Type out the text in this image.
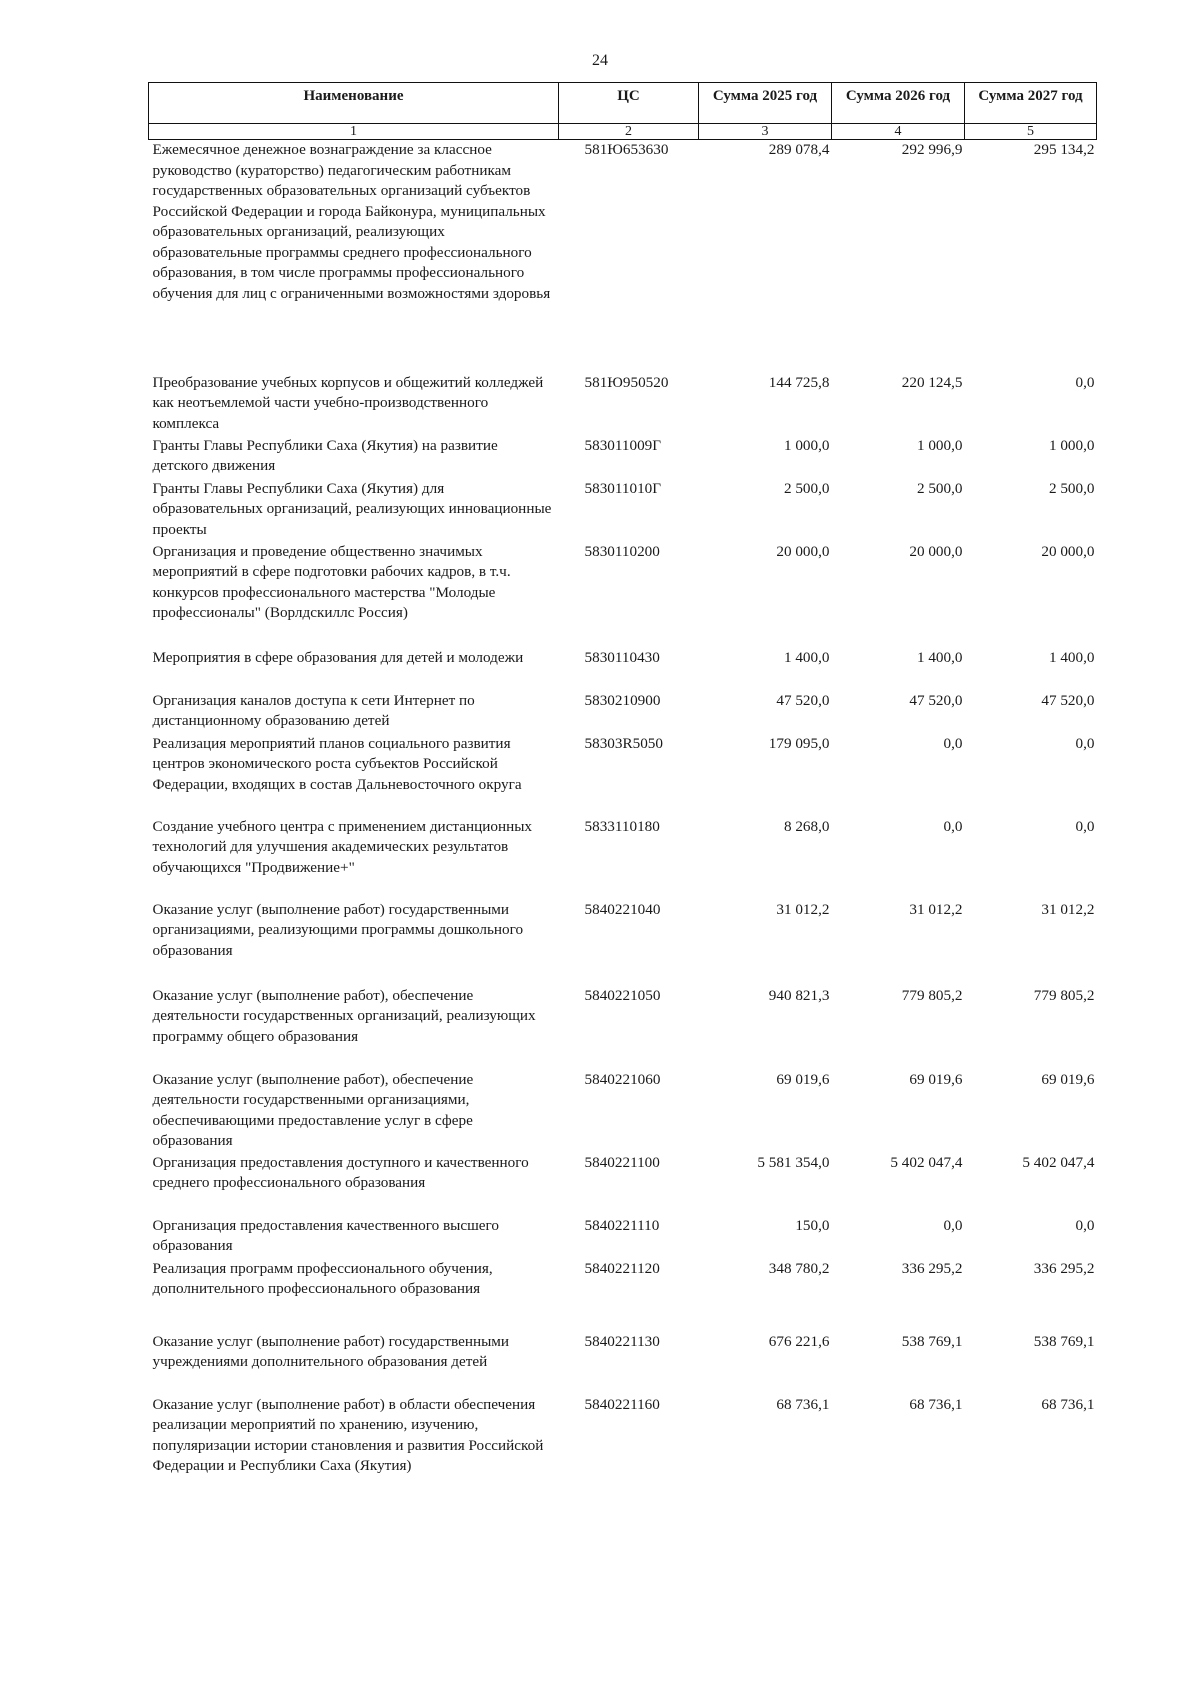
24
Наименование	ЦС	Сумма 2025 год	Сумма 2026 год	Сумма 2027 год
1	2	3	4	5
Ежемесячное денежное вознаграждение за классное руководство (кураторство) педагогическим работникам государственных образовательных организаций субъектов Российской Федерации и города Байконура, муниципальных образовательных организаций, реализующих образовательные программы среднего профессионального образования, в том числе программы профессионального обучения для лиц с ограниченными возможностями здоровья	581Ю653630	289 078,4	292 996,9	295 134,2
Преобразование учебных корпусов и общежитий колледжей как неотъемлемой части учебно-производственного комплекса	581Ю950520	144 725,8	220 124,5	0,0
Гранты Главы Республики Саха (Якутия) на развитие детского движения	583011009Г	1 000,0	1 000,0	1 000,0
Гранты Главы Республики Саха (Якутия) для образовательных организаций, реализующих инновационные проекты	583011010Г	2 500,0	2 500,0	2 500,0
Организация и проведение общественно значимых мероприятий в сфере подготовки рабочих кадров, в т.ч. конкурсов профессионального мастерства "Молодые профессионалы" (Ворлдскиллс Россия)	5830110200	20 000,0	20 000,0	20 000,0
Мероприятия в сфере образования для детей и молодежи	5830110430	1 400,0	1 400,0	1 400,0
Организация каналов доступа к сети Интернет по дистанционному образованию детей	5830210900	47 520,0	47 520,0	47 520,0
Реализация мероприятий планов социального развития центров экономического роста субъектов Российской Федерации, входящих в состав Дальневосточного округа	58303R5050	179 095,0	0,0	0,0
Создание учебного центра с применением дистанционных технологий для улучшения академических результатов обучающихся "Продвижение+"	5833110180	8 268,0	0,0	0,0
Оказание услуг (выполнение работ) государственными организациями, реализующими программы дошкольного образования	5840221040	31 012,2	31 012,2	31 012,2
Оказание услуг (выполнение работ), обеспечение деятельности государственных организаций, реализующих программу общего образования	5840221050	940 821,3	779 805,2	779 805,2
Оказание услуг (выполнение работ), обеспечение деятельности государственными организациями, обеспечивающими предоставление услуг в сфере образования	5840221060	69 019,6	69 019,6	69 019,6
Организация предоставления доступного и качественного среднего профессионального образования	5840221100	5 581 354,0	5 402 047,4	5 402 047,4
Организация предоставления качественного высшего образования	5840221110	150,0	0,0	0,0
Реализация программ профессионального обучения, дополнительного профессионального образования	5840221120	348 780,2	336 295,2	336 295,2
Оказание услуг (выполнение работ) государственными учреждениями дополнительного образования детей	5840221130	676 221,6	538 769,1	538 769,1
Оказание услуг (выполнение работ) в области обеспечения реализации мероприятий по хранению, изучению, популяризации истории становления и развития Российской Федерации и Республики Саха (Якутия)	5840221160	68 736,1	68 736,1	68 736,1
